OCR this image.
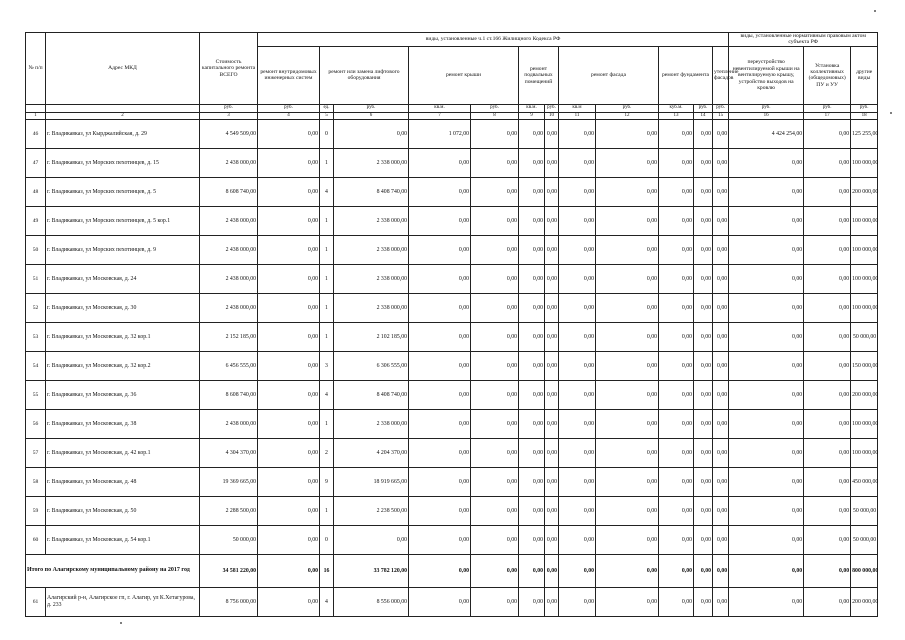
№ п/п	Адрес МКД	Стоимость капитального ремонта ВСЕГО	виды, установленные ч.1 ст.166 Жилищного Кодекса РФ												виды, установленные нормативным правовым актом субъекта РФ		
			ремонт внутридомовых инженерных систем	ремонт или замена лифтового оборудования		ремонт крыши		ремонт подвальных помещений		ремонт фасада		ремонт фундамента		утепление фасадов	переустройство невентилируемой крыши на вентилируемую крышу, устройство выходов на кровлю	Установка коллективных (общедомовых) ПУ и УУ	другие виды
		руб.	руб.	ед.	руб.	кв.м.	руб.	кв.м.	руб.	кв.м	руб.	куб.м.	руб.	руб.	руб.	руб.	руб.
1	2	3	4	5	6	7	8	9	10	11	12	13	14	15	16	17	18
46	г. Владикавказ, ул Кырджалийская, д. 29	4 549 509,00	0,00	0	0,00	1 072,00	0,00	0,00	0,00	0,00	0,00	0,00	0,00	0,00	4 424 254,00	0,00	125 255,00
47	г. Владикавказ, ул Морских пехотинцев, д. 15	2 438 000,00	0,00	1	2 338 000,00	0,00	0,00	0,00	0,00	0,00	0,00	0,00	0,00	0,00	0,00	0,00	100 000,00
48	г. Владикавказ, ул Морских пехотинцев, д. 5	8 608 740,00	0,00	4	8 408 740,00	0,00	0,00	0,00	0,00	0,00	0,00	0,00	0,00	0,00	0,00	0,00	200 000,00
49	г. Владикавказ, ул Морских пехотинцев, д. 5 кор.1	2 438 000,00	0,00	1	2 338 000,00	0,00	0,00	0,00	0,00	0,00	0,00	0,00	0,00	0,00	0,00	0,00	100 000,00
50	г. Владикавказ, ул Морских пехотинцев, д. 9	2 438 000,00	0,00	1	2 338 000,00	0,00	0,00	0,00	0,00	0,00	0,00	0,00	0,00	0,00	0,00	0,00	100 000,00
51	г. Владикавказ, ул Московская, д. 24	2 438 000,00	0,00	1	2 338 000,00	0,00	0,00	0,00	0,00	0,00	0,00	0,00	0,00	0,00	0,00	0,00	100 000,00
52	г. Владикавказ, ул Московская, д. 30	2 438 000,00	0,00	1	2 338 000,00	0,00	0,00	0,00	0,00	0,00	0,00	0,00	0,00	0,00	0,00	0,00	100 000,00
53	г. Владикавказ, ул Московская, д. 32 кор.1	2 152 185,00	0,00	1	2 102 185,00	0,00	0,00	0,00	0,00	0,00	0,00	0,00	0,00	0,00	0,00	0,00	50 000,00
54	г. Владикавказ, ул Московская, д. 32 кор.2	6 456 555,00	0,00	3	6 306 555,00	0,00	0,00	0,00	0,00	0,00	0,00	0,00	0,00	0,00	0,00	0,00	150 000,00
55	г. Владикавказ, ул Московская, д. 36	8 608 740,00	0,00	4	8 408 740,00	0,00	0,00	0,00	0,00	0,00	0,00	0,00	0,00	0,00	0,00	0,00	200 000,00
56	г. Владикавказ, ул Московская, д. 38	2 438 000,00	0,00	1	2 338 000,00	0,00	0,00	0,00	0,00	0,00	0,00	0,00	0,00	0,00	0,00	0,00	100 000,00
57	г. Владикавказ, ул Московская, д. 42 кор.1	4 304 370,00	0,00	2	4 204 370,00	0,00	0,00	0,00	0,00	0,00	0,00	0,00	0,00	0,00	0,00	0,00	100 000,00
58	г. Владикавказ, ул Московская, д. 48	19 369 665,00	0,00	9	18 919 665,00	0,00	0,00	0,00	0,00	0,00	0,00	0,00	0,00	0,00	0,00	0,00	450 000,00
59	г. Владикавказ, ул Московская, д. 50	2 288 500,00	0,00	1	2 238 500,00	0,00	0,00	0,00	0,00	0,00	0,00	0,00	0,00	0,00	0,00	0,00	50 000,00
60	г. Владикавказ, ул Московская, д. 54 кор.1	50 000,00	0,00	0	0,00	0,00	0,00	0,00	0,00	0,00	0,00	0,00	0,00	0,00	0,00	0,00	50 000,00
Итого по Алагирскому муниципальному району на 2017 год		34 581 220,00	0,00	16	33 782 120,00	0,00	0,00	0,00	0,00	0,00	0,00	0,00	0,00	0,00	0,00	0,00	800 000,00
61	Алагирский р-н, Алагирское гп, г. Алагир, ул К.Хетагурова, д. 233	8 756 000,00	0,00	4	8 556 000,00	0,00	0,00	0,00	0,00	0,00	0,00	0,00	0,00	0,00	0,00	0,00	200 000,00
